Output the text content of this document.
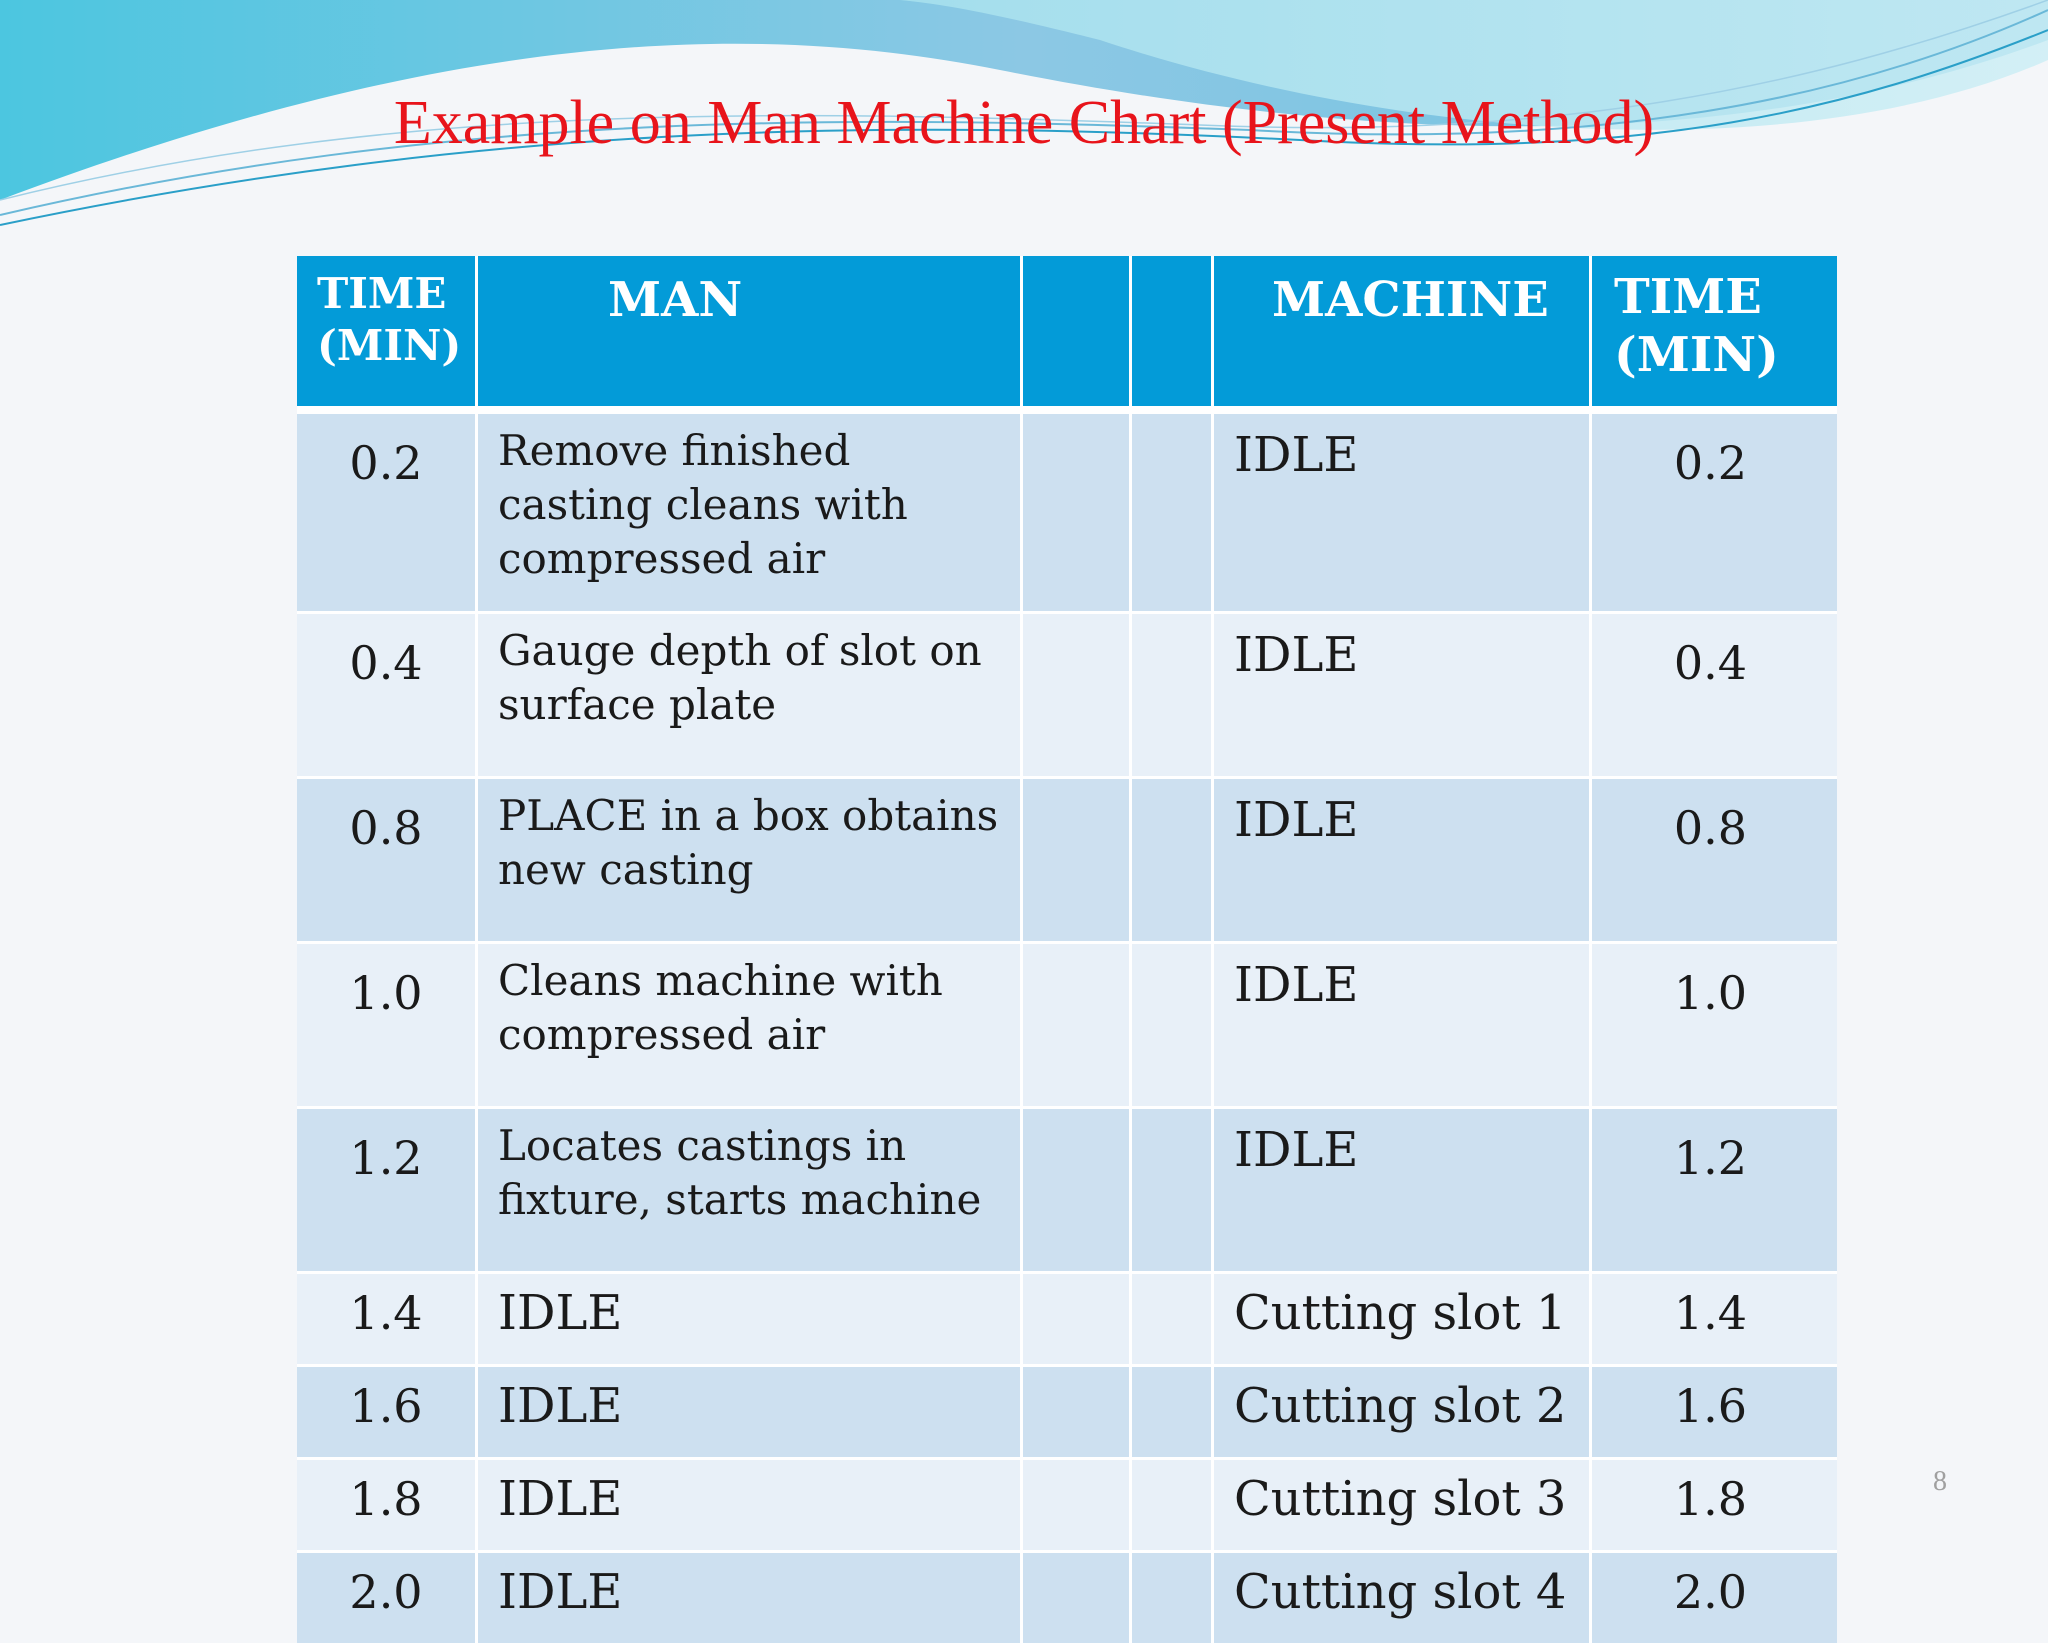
Example on Man Machine Chart (Present Method)
TIME (MIN)	MAN			MACHINE	TIME (MIN)
0.2	Remove finished casting cleans with compressed air			IDLE	0.2
0.4	Gauge depth of slot on surface plate			IDLE	0.4
0.8	PLACE in a box obtains new casting			IDLE	0.8
1.0	Cleans machine with compressed air			IDLE	1.0
1.2	Locates castings in fixture, starts machine			IDLE	1.2
1.4	IDLE			Cutting slot 1	1.4
1.6	IDLE			Cutting slot 2	1.6
1.8	IDLE			Cutting slot 3	1.8
2.0	IDLE			Cutting slot 4	2.0
8
